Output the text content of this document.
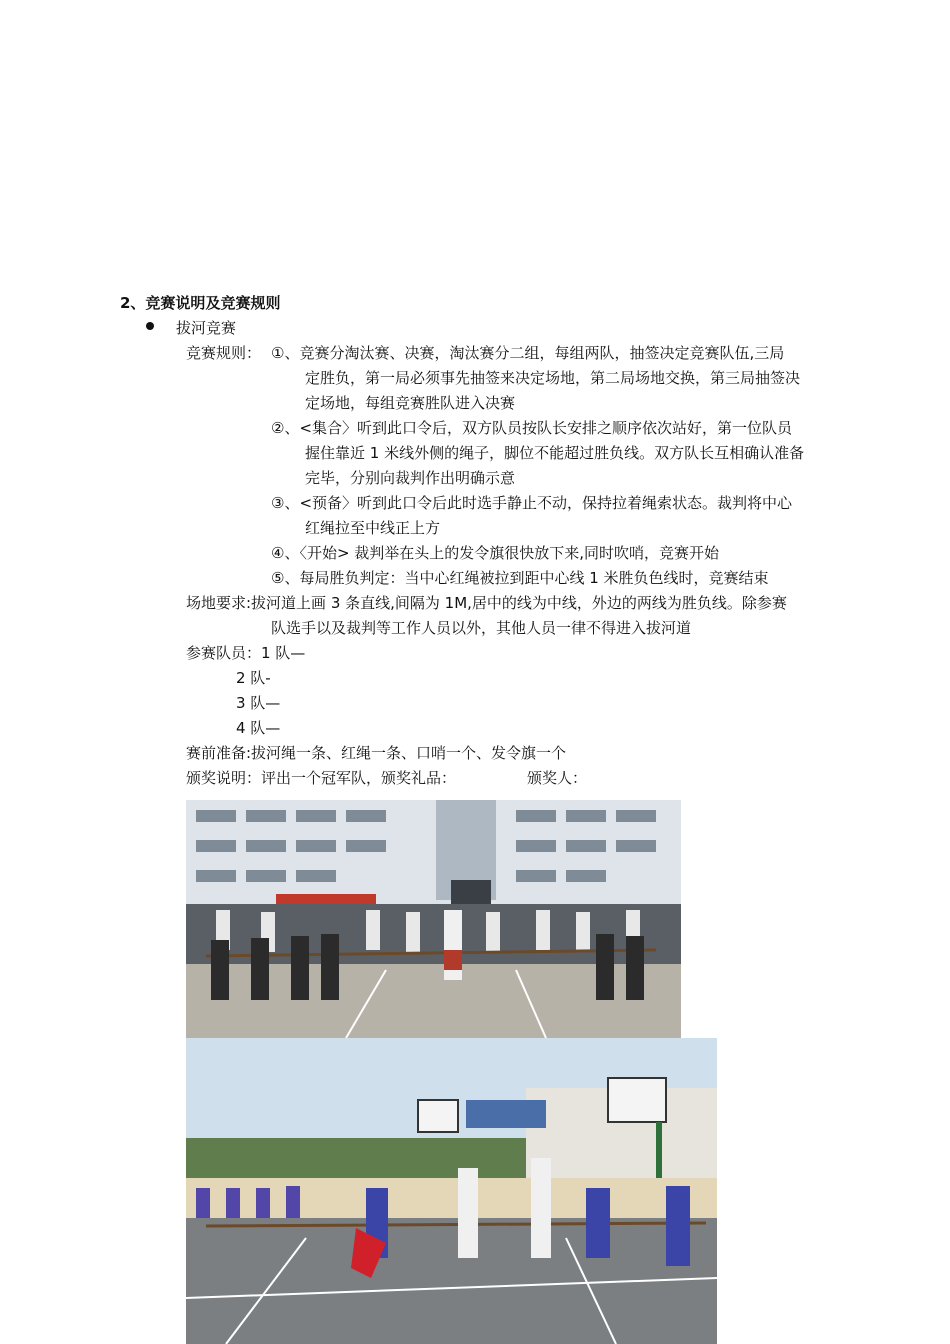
2、竞赛说明及竞赛规则
拔河竞赛
竞赛规则： ①、竞赛分淘汰赛、决赛，淘汰赛分二组，每组两队，抽签决定竞赛队伍,三局
定胜负，第一局必须事先抽签来决定场地，第二局场地交换，第三局抽签决
定场地，每组竞赛胜队进入决赛
②、<集合〉听到此口令后，双方队员按队长安排之顺序依次站好，第一位队员
握住靠近 1 米线外侧的绳子，脚位不能超过胜负线。双方队长互相确认准备
完毕，分别向裁判作出明确示意
③、<预备〉听到此口令后此时选手静止不动，保持拉着绳索状态。裁判将中心
红绳拉至中线正上方
④、〈开始> 裁判举在头上的发令旗很快放下来,同时吹哨，竞赛开始
⑤、每局胜负判定：当中心红绳被拉到距中心线 1 米胜负色线时，竞赛结束
场地要求:拔河道上画 3 条直线,间隔为 1M,居中的线为中线，外边的两线为胜负线。除参赛
队选手以及裁判等工作人员以外，其他人员一律不得进入拔河道
参赛队员：1 队—
2 队-
3 队—
4 队—
赛前准备:拔河绳一条、红绳一条、口哨一个、发令旗一个
颁奖说明：评出一个冠军队，颁奖礼品：	颁奖人：
